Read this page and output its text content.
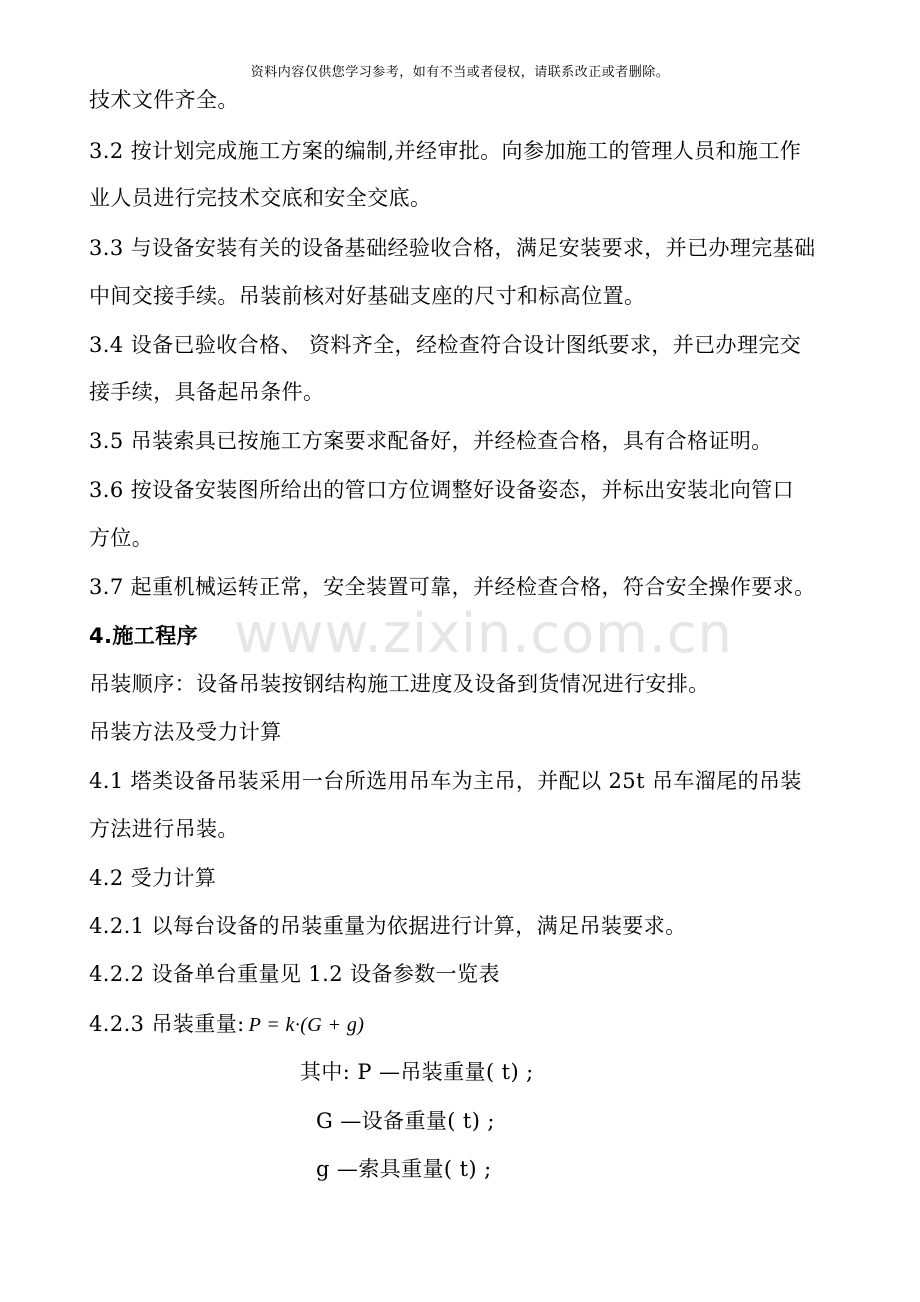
资料内容仅供您学习参考，如有不当或者侵权，请联系改正或者删除。
www.zixin.com.cn
技术文件齐全。
3.2 按计划完成施工方案的编制,并经审批。向参加施工的管理人员和施工作
业人员进行完技术交底和安全交底。
3.3 与设备安装有关的设备基础经验收合格，满足安装要求，并已办理完基础
中间交接手续。吊装前核对好基础支座的尺寸和标高位置。
3.4 设备已验收合格、 资料齐全，经检查符合设计图纸要求，并已办理完交
接手续，具备起吊条件。
3.5 吊装索具已按施工方案要求配备好，并经检查合格，具有合格证明。
3.6 按设备安装图所给出的管口方位调整好设备姿态，并标出安装北向管口
方位。
3.7 起重机械运转正常，安全装置可靠，并经检查合格，符合安全操作要求。
4.施工程序
吊装顺序：设备吊装按钢结构施工进度及设备到货情况进行安排。
吊装方法及受力计算
4.1 塔类设备吊装采用一台所选用吊车为主吊，并配以 25t 吊车溜尾的吊装
方法进行吊装。
4.2 受力计算
4.2.1 以每台设备的吊装重量为依据进行计算，满足吊装要求。
4.2.2 设备单台重量见 1.2 设备参数一览表
4.2.3 吊装重量: P = k·(G + g)
其中: P —吊装重量( t) ;
G —设备重量( t) ;
g —索具重量( t) ;
